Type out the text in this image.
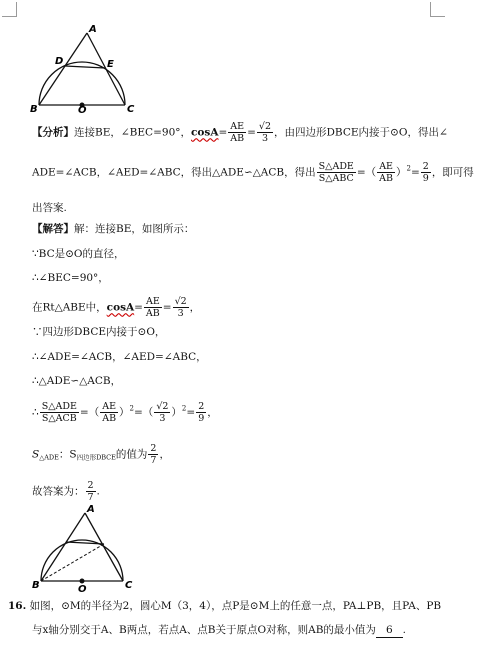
A
D	E
B	O	C
【分析】连接BE，∠BEC=90°，$\cos A= \frac{AE}{AB} = \frac{√2}{3}$ ，由四边形DBCE内接于⊙O，得出∠
ADE=∠ACB，∠AED=∠ABC，得出△ADE∽△ACB，得出 $\frac{\text{S△ADE}}{\text{S△ABC}}$ =（ $\frac{AE}{AB} )^2= \frac{2}{9}$ ，即可得
出答案.
【解答】解：连接BE，如图所示：
∵BC是⊙O的直径，
∴∠BEC=90°，
在Rt△ABE中，$\cos A= \frac{AE}{AB} = \frac{√2}{3}$ ，
∵四边形DBCE内接于⊙O，
∴∠ADE=∠ACB，∠AED=∠ABC，
∴△ADE∽△ACB，
∴ $\frac{\text{S△ADE}}{\text{S△ACB}}$ =（ $\frac{AE}{AB} )^2=( \frac{√2}{3} )^2= \frac{2}{9}$ ，
$S_{\triangle ADE}$：$S_{四边形DBCE}$的值为 $\frac{2}{7}$ ，
故答案为： $\frac{2}{7}$ .
A
B	O	C
16. 如图，⊙M的半径为2，圆心M（3，4），点P是⊙M上的任意一点，PA⊥PB，且PA、PB
与x轴分别交于A、B两点，若点A、点B关于原点O对称，则AB的最小值为 6 .
